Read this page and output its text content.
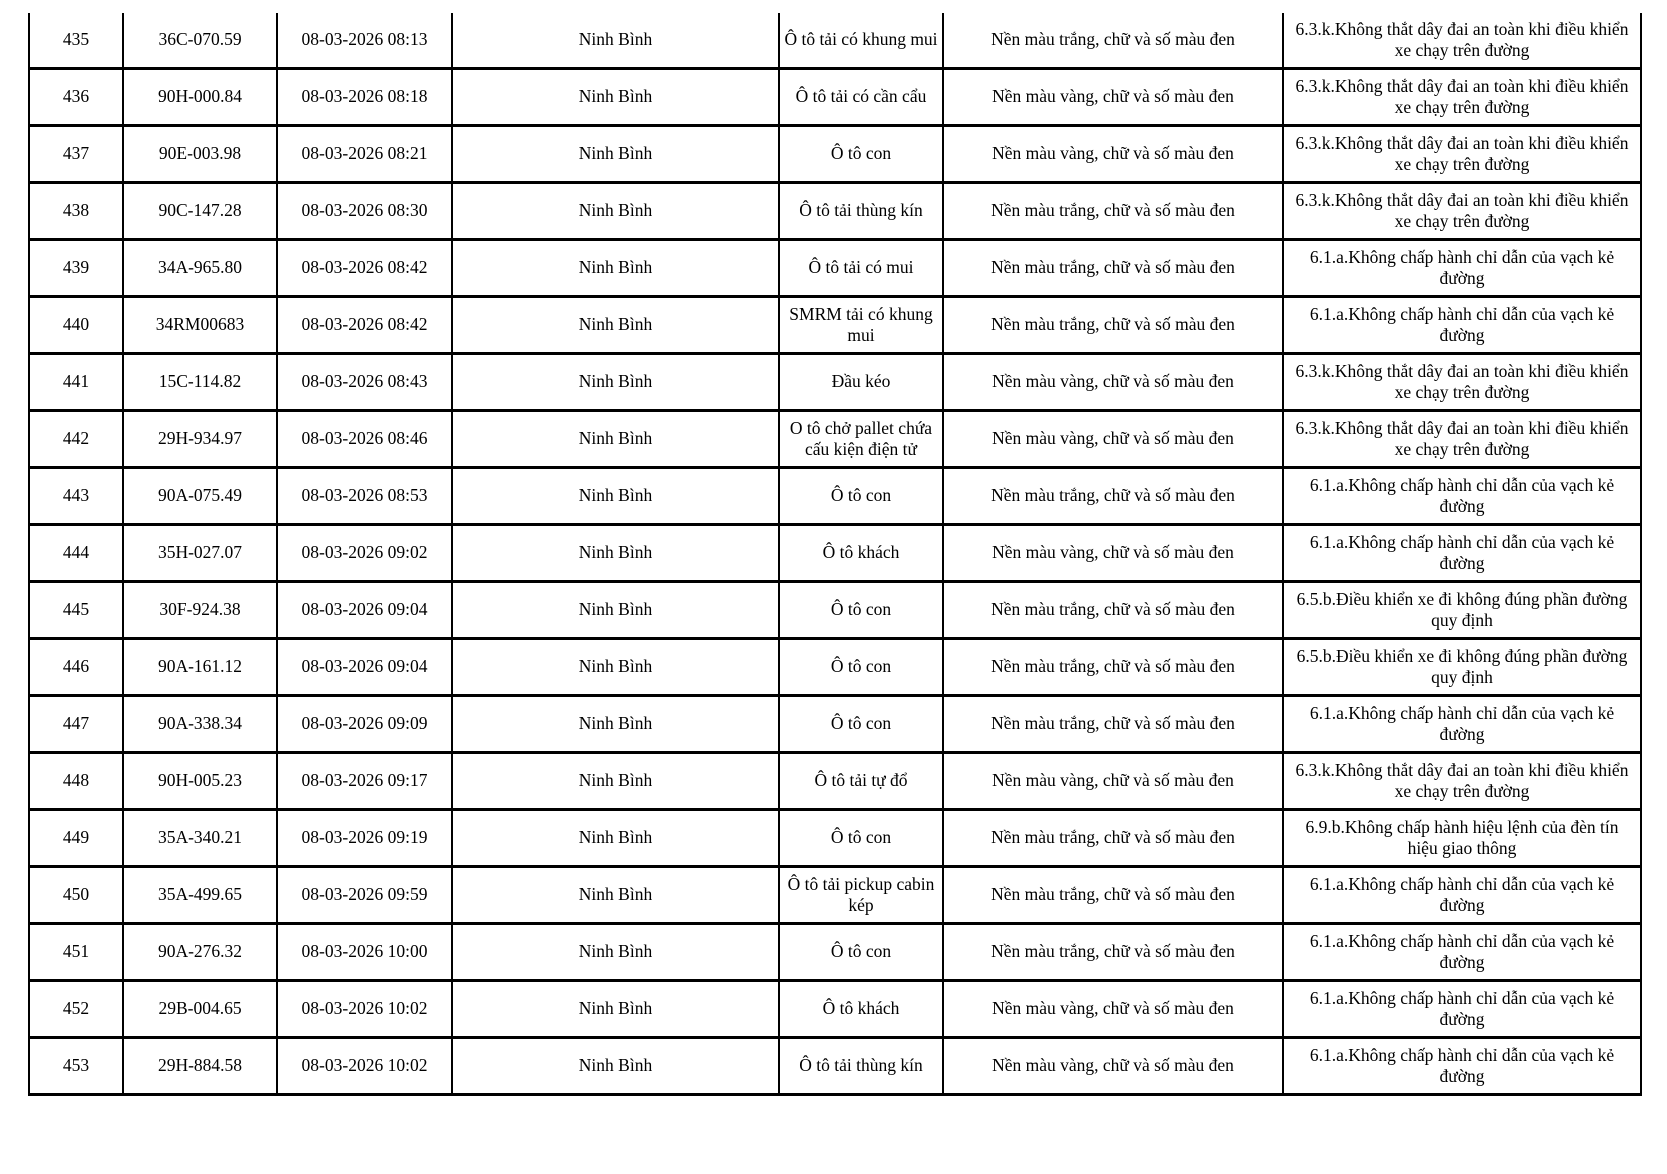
435	36C-070.59	08-03-2026 08:13	Ninh Bình	Ô tô tải có khung mui	Nền màu trắng, chữ và số màu đen	6.3.k.Không thắt dây đai an toàn khi điều khiển xe chạy trên đường

436	90H-000.84	08-03-2026 08:18	Ninh Bình	Ô tô tải có cần cẩu	Nền màu vàng, chữ và số màu đen	6.3.k.Không thắt dây đai an toàn khi điều khiển xe chạy trên đường

437	90E-003.98	08-03-2026 08:21	Ninh Bình	Ô tô con	Nền màu vàng, chữ và số màu đen	6.3.k.Không thắt dây đai an toàn khi điều khiển xe chạy trên đường

438	90C-147.28	08-03-2026 08:30	Ninh Bình	Ô tô tải thùng kín	Nền màu trắng, chữ và số màu đen	6.3.k.Không thắt dây đai an toàn khi điều khiển xe chạy trên đường

439	34A-965.80	08-03-2026 08:42	Ninh Bình	Ô tô tải có mui	Nền màu trắng, chữ và số màu đen	6.1.a.Không chấp hành chỉ dẫn của vạch kẻ đường

440	34RM00683	08-03-2026 08:42	Ninh Bình	SMRM tải có khung mui	Nền màu trắng, chữ và số màu đen	6.1.a.Không chấp hành chỉ dẫn của vạch kẻ đường

441	15C-114.82	08-03-2026 08:43	Ninh Bình	Đầu kéo	Nền màu vàng, chữ và số màu đen	6.3.k.Không thắt dây đai an toàn khi điều khiển xe chạy trên đường

442	29H-934.97	08-03-2026 08:46	Ninh Bình	O tô chở pallet chứa cấu kiện điện tử	Nền màu vàng, chữ và số màu đen	6.3.k.Không thắt dây đai an toàn khi điều khiển xe chạy trên đường

443	90A-075.49	08-03-2026 08:53	Ninh Bình	Ô tô con	Nền màu trắng, chữ và số màu đen	6.1.a.Không chấp hành chỉ dẫn của vạch kẻ đường

444	35H-027.07	08-03-2026 09:02	Ninh Bình	Ô tô khách	Nền màu vàng, chữ và số màu đen	6.1.a.Không chấp hành chỉ dẫn của vạch kẻ đường

445	30F-924.38	08-03-2026 09:04	Ninh Bình	Ô tô con	Nền màu trắng, chữ và số màu đen	6.5.b.Điều khiển xe đi không đúng phần đường quy định

446	90A-161.12	08-03-2026 09:04	Ninh Bình	Ô tô con	Nền màu trắng, chữ và số màu đen	6.5.b.Điều khiển xe đi không đúng phần đường quy định

447	90A-338.34	08-03-2026 09:09	Ninh Bình	Ô tô con	Nền màu trắng, chữ và số màu đen	6.1.a.Không chấp hành chỉ dẫn của vạch kẻ đường

448	90H-005.23	08-03-2026 09:17	Ninh Bình	Ô tô tải tự đổ	Nền màu vàng, chữ và số màu đen	6.3.k.Không thắt dây đai an toàn khi điều khiển xe chạy trên đường

449	35A-340.21	08-03-2026 09:19	Ninh Bình	Ô tô con	Nền màu trắng, chữ và số màu đen	6.9.b.Không chấp hành hiệu lệnh của đèn tín hiệu giao thông

450	35A-499.65	08-03-2026 09:59	Ninh Bình	Ô tô tải pickup cabin kép	Nền màu trắng, chữ và số màu đen	6.1.a.Không chấp hành chỉ dẫn của vạch kẻ đường

451	90A-276.32	08-03-2026 10:00	Ninh Bình	Ô tô con	Nền màu trắng, chữ và số màu đen	6.1.a.Không chấp hành chỉ dẫn của vạch kẻ đường

452	29B-004.65	08-03-2026 10:02	Ninh Bình	Ô tô khách	Nền màu vàng, chữ và số màu đen	6.1.a.Không chấp hành chỉ dẫn của vạch kẻ đường

453	29H-884.58	08-03-2026 10:02	Ninh Bình	Ô tô tải thùng kín	Nền màu vàng, chữ và số màu đen	6.1.a.Không chấp hành chỉ dẫn của vạch kẻ đường
